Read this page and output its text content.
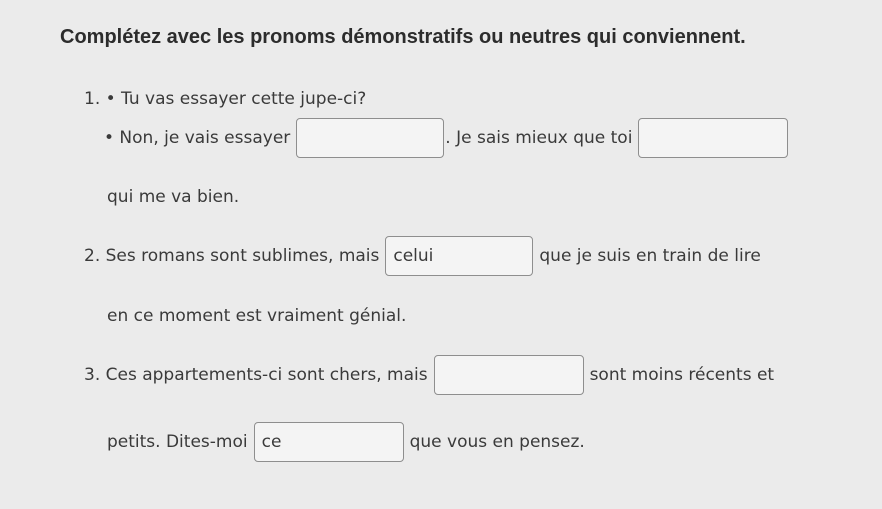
Complétez avec les pronoms démonstratifs ou neutres qui conviennent.
1. • Tu vas essayer cette jupe-ci?
• Non, je vais essayer	. Je sais mieux que toi
qui me va bien.
2. Ses romans sont sublimes, mais celui	que je suis en train de lire
en ce moment est vraiment génial.
3. Ces appartements-ci sont chers, mais	sont moins récents et
petits. Dites-moi ce	que vous en pensez.
